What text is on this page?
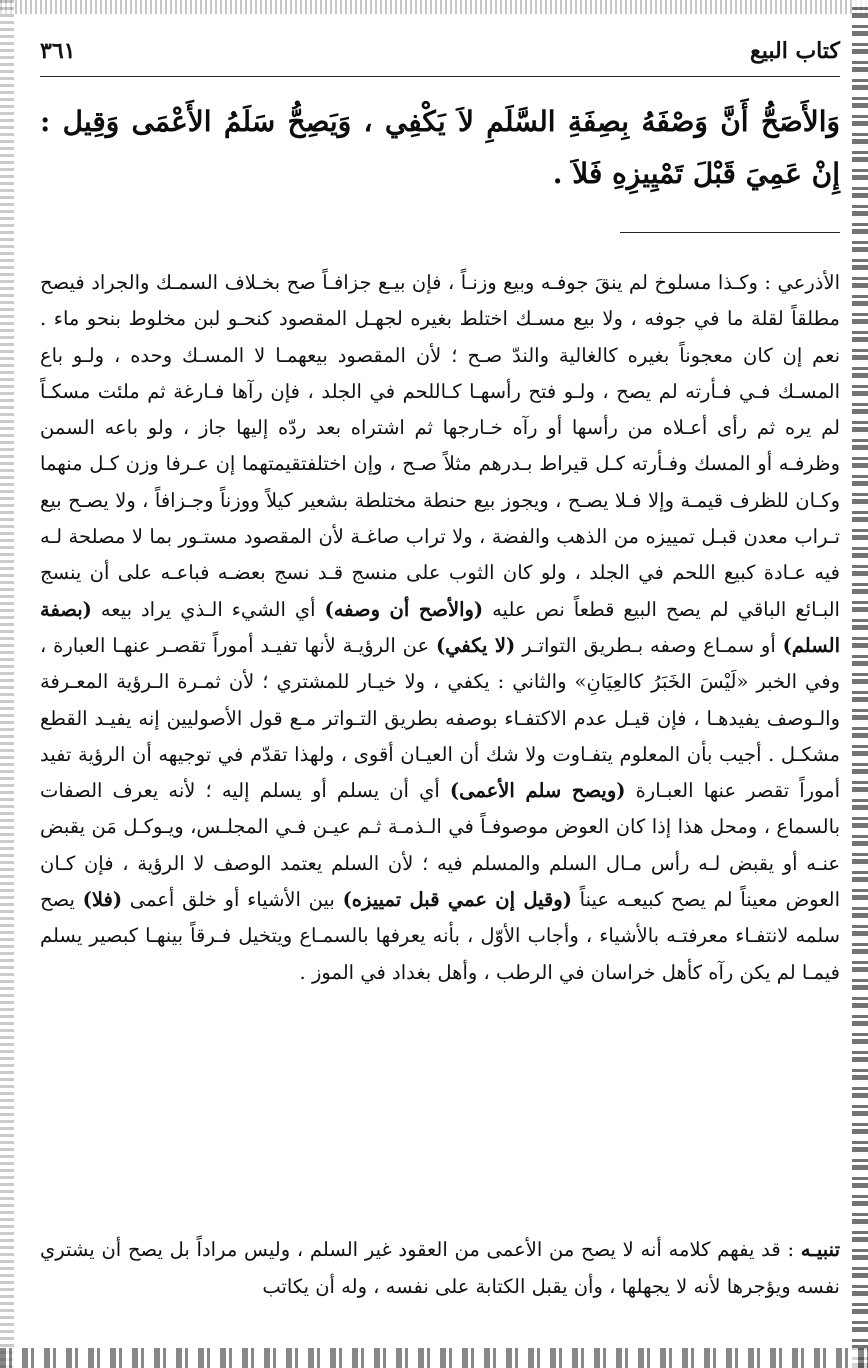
كتاب البيع
٣٦١
وَالأَصَحُّ أَنَّ وَصْفَهُ بِصِفَةِ السَّلَمِ لاَ يَكْفِي ، وَيَصِحُّ سَلَمُ الأَعْمَى وَقِيل : إِنْ عَمِيَ قَبْلَ تَمْيِيزِهِ فَلاَ .
الأذرعي : وكـذا مسلوخ لم ينقَ جوفـه وبيع وزنـاً ، فإن بيـع جزافـاً صح بخـلاف السمـك والجراد فيصح مطلقاً لقلة ما في جوفه ، ولا بيع مسـك اختلط بغيره لجهـل المقصود كنحـو لبن مخلوط بنحو ماء . نعم إن كان معجوناً بغيره كالغالية والندّ صـح ؛ لأن المقصود بيعهمـا لا المسـك وحده ، ولـو باع المسـك فـي فـأرته لم يصح ، ولـو فتح رأسهـا كـاللحم في الجلد ، فإن رآها فـارغة ثم ملئت مسكـاً لم يره ثم رأى أعـلاه من رأسها أو رآه خـارجها ثم اشتراه بعد ردّه إليها جاز ، ولو باعه السمن وظرفـه أو المسك وفـأرته كـل قيراط بـدرهم مثلاً صـح ، وإن اختلفتقيمتهما إن عـرفا وزن كـل منهما وكـان للظرف قيمـة وإلا فـلا يصـح ، ويجوز بيع حنطة مختلطة بشعير كيلاً ووزناً وجـزافاً ، ولا يصـح بيع تـراب معدن قبـل تمييزه من الذهب والفضة ، ولا تراب صاغـة لأن المقصود مستـور بما لا مصلحة لـه فيه عـادة كبيع اللحم في الجلد ، ولو كان الثوب على منسج قـد نسج بعضـه فباعـه على أن ينسج البـائع الباقي لم يصح البيع قطعاً نص عليه (والأصح أن وصفه) أي الشيء الـذي يراد بيعه (بصفة السلم) أو سمـاع وصفه بـطريق التواتـر (لا يكفي) عن الرؤيـة لأنها تفيـد أموراً تقصـر عنهـا العبارة ، وفي الخبر «لَيْسَ الخَبَرُ كالعِيَانِ» والثاني : يكفي ، ولا خيـار للمشتري ؛ لأن ثمـرة الـرؤية المعـرفة والـوصف يفيدهـا ، فإن قيـل عدم الاكتفـاء بوصفه بطريق التـواتر مـع قول الأصوليين إنه يفيـد القطع مشكـل . أجيب بأن المعلوم يتفـاوت ولا شك أن العيـان أقوى ، ولهذا تقدّم في توجيهه أن الرؤية تفيد أموراً تقصر عنها العبـارة (ويصح سلم الأعمى) أي أن يسلم أو يسلم إليه ؛ لأنه يعرف الصفات بالسماع ، ومحل هذا إذا كان العوض موصوفـاً في الـذمـة ثـم عيـن فـي المجلـس، ويـوكـل مَن يقبض عنـه أو يقبض لـه رأس مـال السلم والمسلم فيه ؛ لأن السلم يعتمد الوصف لا الرؤية ، فإن كـان العوض معيناً لم يصح كبيعـه عيناً (وقيل إن عمي قبل تمييزه) بين الأشياء أو خلق أعمى (فلا) يصح سلمه لانتفـاء معرفتـه بالأشياء ، وأجاب الأوّل ، بأنه يعرفها بالسمـاع ويتخيل فـرقاً بينهـا كبصير يسلم فيمـا لم يكن رآه كأهل خراسان في الرطب ، وأهل بغداد في الموز .
تنبيـه : قد يفهم كلامه أنه لا يصح من الأعمى من العقود غير السلم ، وليس مراداً بل يصح أن يشتري نفسه ويؤجرها لأنه لا يجهلها ، وأن يقبل الكتابة على نفسه ، وله أن يكاتب
